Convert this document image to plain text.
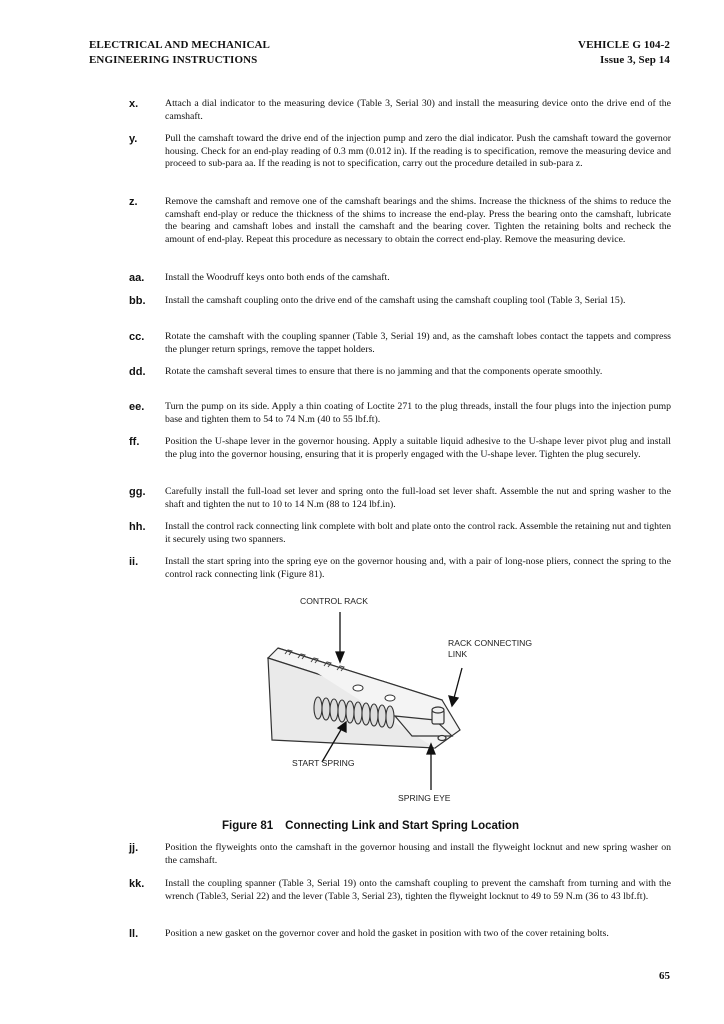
ELECTRICAL AND MECHANICAL
ENGINEERING INSTRUCTIONS
VEHICLE G 104-2
Issue 3, Sep 14
x.	Attach a dial indicator to the measuring device (Table 3, Serial 30) and install the measuring device onto the drive end of the camshaft.
y.	Pull the camshaft toward the drive end of the injection pump and zero the dial indicator. Push the camshaft toward the governor housing. Check for an end-play reading of 0.3 mm (0.012 in). If the reading is to specification, remove the measuring device and proceed to sub-para aa. If the reading is not to specification, carry out the procedure detailed in sub-para z.
z.	Remove the camshaft and remove one of the camshaft bearings and the shims. Increase the thickness of the shims to reduce the camshaft end-play or reduce the thickness of the shims to increase the end-play. Press the bearing onto the camshaft, lubricate the bearing and camshaft lobes and install the camshaft and the bearing cover. Tighten the retaining bolts and recheck the amount of end-play. Repeat this procedure as necessary to obtain the correct end-play. Remove the measuring device.
aa. Install the Woodruff keys onto both ends of the camshaft.
bb. Install the camshaft coupling onto the drive end of the camshaft using the camshaft coupling tool (Table 3, Serial 15).
cc. Rotate the camshaft with the coupling spanner (Table 3, Serial 19) and, as the camshaft lobes contact the tappets and compress the plunger return springs, remove the tappet holders.
dd. Rotate the camshaft several times to ensure that there is no jamming and that the components operate smoothly.
ee. Turn the pump on its side. Apply a thin coating of Loctite 271 to the plug threads, install the four plugs into the injection pump base and tighten them to 54 to 74 N.m (40 to 55 lbf.ft).
ff.	Position the U-shape lever in the governor housing. Apply a suitable liquid adhesive to the U-shape lever pivot plug and install the plug into the governor housing, ensuring that it is properly engaged with the U-shape lever. Tighten the plug securely.
gg. Carefully install the full-load set lever and spring onto the full-load set lever shaft. Assemble the nut and spring washer to the shaft and tighten the nut to 10 to 14 N.m (88 to 124 lbf.in).
hh. Install the control rack connecting link complete with bolt and plate onto the control rack. Assemble the retaining nut and tighten it securely using two spanners.
ii.	Install the start spring into the spring eye on the governor housing and, with a pair of long-nose pliers, connect the spring to the control rack connecting link (Figure 81).
CONTROL RACK
RACK CONNECTING
LINK
START SPRING
SPRING EYE
Figure 81 Connecting Link and Start Spring Location
jj.	Position the flyweights onto the camshaft in the governor housing and install the flyweight locknut and new spring washer on the camshaft.
kk. Install the coupling spanner (Table 3, Serial 19) onto the camshaft coupling to prevent the camshaft from turning and with the wrench (Table3, Serial 22) and the lever (Table 3, Serial 23), tighten the flyweight locknut to 49 to 59 N.m (36 to 43 lbf.ft).
ll.	Position a new gasket on the governor cover and hold the gasket in position with two of the cover retaining bolts.
65
